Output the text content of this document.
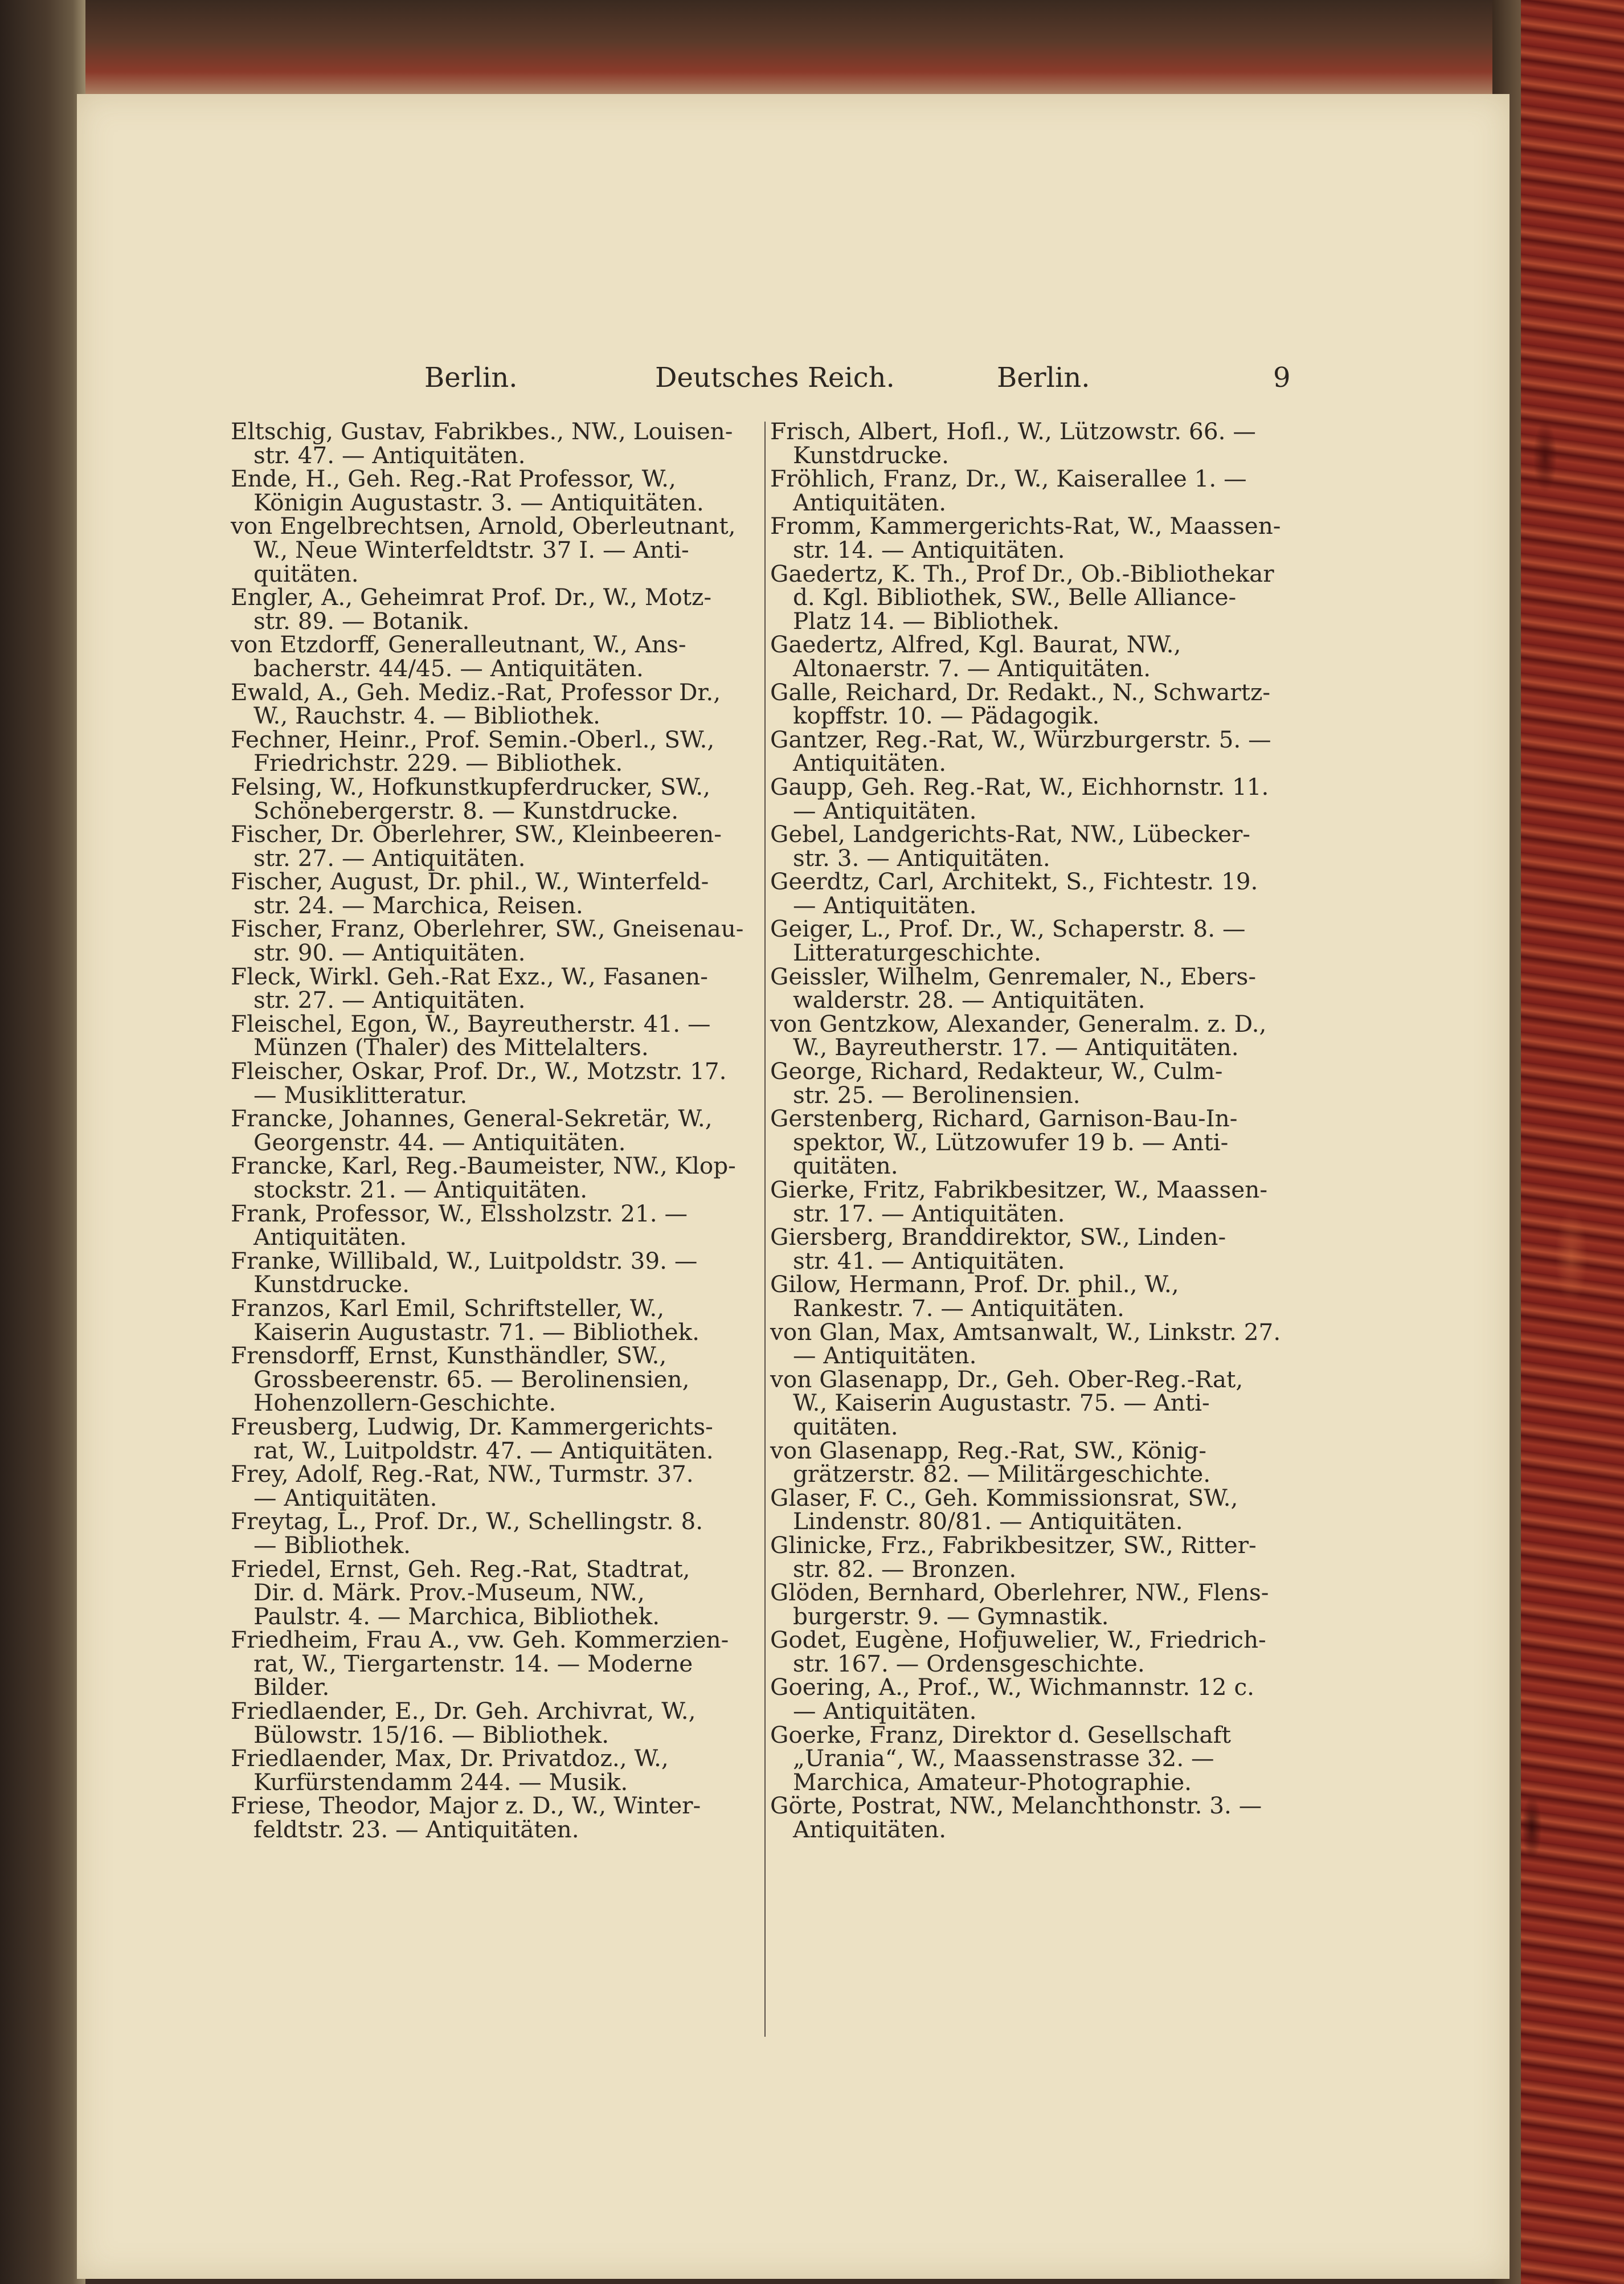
Berlin.	Deutsches Reich.	Berlin.	9

Eltschig, Gustav, Fabrikbes., NW., Louisen-
str. 47. — Antiquitäten.

Ende, H., Geh. Reg.-Rat Professor, W.,
Königin Augustastr. 3. — Antiquitäten.

von Engelbrechtsen, Arnold, Oberleutnant,
W., Neue Winterfeldtstr. 37 I. — Anti-
quitäten.

Engler, A., Geheimrat Prof. Dr., W., Motz-
str. 89. — Botanik.

von Etzdorff, Generalleutnant, W., Ans-
bacherstr. 44/45. — Antiquitäten.

Ewald, A., Geh. Mediz.-Rat, Professor Dr.,
W., Rauchstr. 4. — Bibliothek.

Fechner, Heinr., Prof. Semin.-Oberl., SW.,
Friedrichstr. 229. — Bibliothek.

Felsing, W., Hofkunstkupferdrucker, SW.,
Schönebergerstr. 8. — Kunstdrucke.

Fischer, Dr. Oberlehrer, SW., Kleinbeeren-
str. 27. — Antiquitäten.

Fischer, August, Dr. phil., W., Winterfeld-
str. 24. — Marchica, Reisen.

Fischer, Franz, Oberlehrer, SW., Gneisenau-
str. 90. — Antiquitäten.

Fleck, Wirkl. Geh.-Rat Exz., W., Fasanen-
str. 27. — Antiquitäten.

Fleischel, Egon, W., Bayreutherstr. 41. —
Münzen (Thaler) des Mittelalters.

Fleischer, Oskar, Prof. Dr., W., Motzstr. 17.
— Musiklitteratur.

Francke, Johannes, General-Sekretär, W.,
Georgenstr. 44. — Antiquitäten.

Francke, Karl, Reg.-Baumeister, NW., Klop-
stockstr. 21. — Antiquitäten.

Frank, Professor, W., Elssholzstr. 21. —
Antiquitäten.

Franke, Willibald, W., Luitpoldstr. 39. —
Kunstdrucke.

Franzos, Karl Emil, Schriftsteller, W.,
Kaiserin Augustastr. 71. — Bibliothek.

Frensdorff, Ernst, Kunsthändler, SW.,
Grossbeerenstr. 65. — Berolinensien,
Hohenzollern-Geschichte.

Freusberg, Ludwig, Dr. Kammergerichts-
rat, W., Luitpoldstr. 47. — Antiquitäten.

Frey, Adolf, Reg.-Rat, NW., Turmstr. 37.
— Antiquitäten.

Freytag, L., Prof. Dr., W., Schellingstr. 8.
— Bibliothek.

Friedel, Ernst, Geh. Reg.-Rat, Stadtrat,
Dir. d. Märk. Prov.-Museum, NW.,
Paulstr. 4. — Marchica, Bibliothek.

Friedheim, Frau A., vw. Geh. Kommerzien-
rat, W., Tiergartenstr. 14. — Moderne
Bilder.

Friedlaender, E., Dr. Geh. Archivrat, W.,
Bülowstr. 15/16. — Bibliothek.

Friedlaender, Max, Dr. Privatdoz., W.,
Kurfürstendamm 244. — Musik.

Friese, Theodor, Major z. D., W., Winter-
feldtstr. 23. — Antiquitäten.

Frisch, Albert, Hofl., W., Lützowstr. 66. —
Kunstdrucke.

Fröhlich, Franz, Dr., W., Kaiserallee 1. —
Antiquitäten.

Fromm, Kammergerichts-Rat, W., Maassen-
str. 14. — Antiquitäten.

Gaedertz, K. Th., Prof Dr., Ob.-Bibliothekar
d. Kgl. Bibliothek, SW., Belle Alliance-
Platz 14. — Bibliothek.

Gaedertz, Alfred, Kgl. Baurat, NW.,
Altonaerstr. 7. — Antiquitäten.

Galle, Reichard, Dr. Redakt., N., Schwartz-
kopffstr. 10. — Pädagogik.

Gantzer, Reg.-Rat, W., Würzburgerstr. 5. —
Antiquitäten.

Gaupp, Geh. Reg.-Rat, W., Eichhornstr. 11.
— Antiquitäten.

Gebel, Landgerichts-Rat, NW., Lübecker-
str. 3. — Antiquitäten.

Geerdtz, Carl, Architekt, S., Fichtestr. 19.
— Antiquitäten.

Geiger, L., Prof. Dr., W., Schaperstr. 8. —
Litteraturgeschichte.

Geissler, Wilhelm, Genremaler, N., Ebers-
walderstr. 28. — Antiquitäten.

von Gentzkow, Alexander, Generalm. z. D.,
W., Bayreutherstr. 17. — Antiquitäten.

George, Richard, Redakteur, W., Culm-
str. 25. — Berolinensien.

Gerstenberg, Richard, Garnison-Bau-In-
spektor, W., Lützowufer 19 b. — Anti-
quitäten.

Gierke, Fritz, Fabrikbesitzer, W., Maassen-
str. 17. — Antiquitäten.

Giersberg, Branddirektor, SW., Linden-
str. 41. — Antiquitäten.

Gilow, Hermann, Prof. Dr. phil., W.,
Rankestr. 7. — Antiquitäten.

von Glan, Max, Amtsanwalt, W., Linkstr. 27.
— Antiquitäten.

von Glasenapp, Dr., Geh. Ober-Reg.-Rat,
W., Kaiserin Augustastr. 75. — Anti-
quitäten.

von Glasenapp, Reg.-Rat, SW., König-
grätzerstr. 82. — Militärgeschichte.

Glaser, F. C., Geh. Kommissionsrat, SW.,
Lindenstr. 80/81. — Antiquitäten.

Glinicke, Frz., Fabrikbesitzer, SW., Ritter-
str. 82. — Bronzen.

Glöden, Bernhard, Oberlehrer, NW., Flens-
burgerstr. 9. — Gymnastik.

Godet, Eugène, Hofjuwelier, W., Friedrich-
str. 167. — Ordensgeschichte.

Goering, A., Prof., W., Wichmannstr. 12 c.
— Antiquitäten.

Goerke, Franz, Direktor d. Gesellschaft
„Urania“, W., Maassenstrasse 32. —
Marchica, Amateur-Photographie.

Görte, Postrat, NW., Melanchthonstr. 3. —
Antiquitäten.
